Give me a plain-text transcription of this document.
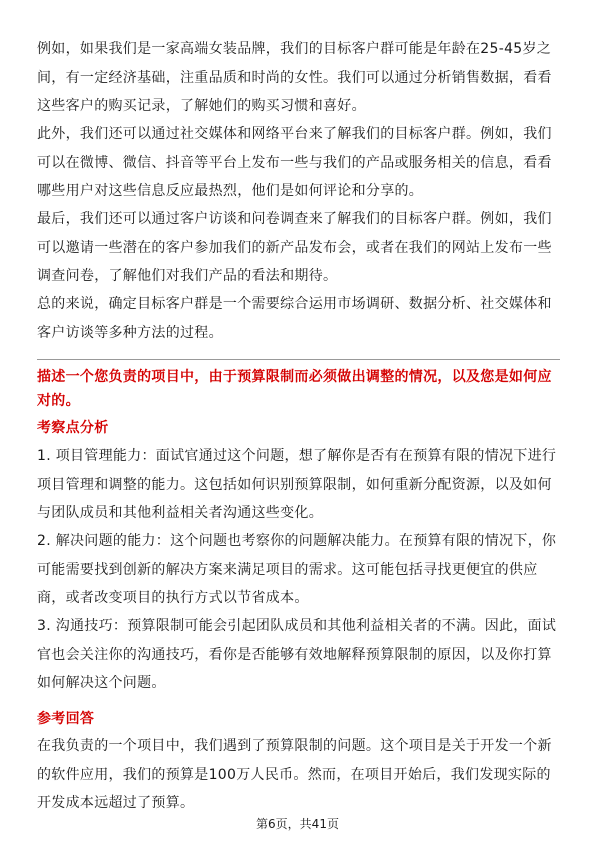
例如，如果我们是一家高端女装品牌，我们的目标客户群可能是年龄在25-45岁之间，有一定经济基础，注重品质和时尚的女性。我们可以通过分析销售数据，看看这些客户的购买记录，了解她们的购买习惯和喜好。

此外，我们还可以通过社交媒体和网络平台来了解我们的目标客户群。例如，我们可以在微博、微信、抖音等平台上发布一些与我们的产品或服务相关的信息，看看哪些用户对这些信息反应最热烈，他们是如何评论和分享的。

最后，我们还可以通过客户访谈和问卷调查来了解我们的目标客户群。例如，我们可以邀请一些潜在的客户参加我们的新产品发布会，或者在我们的网站上发布一些调查问卷，了解他们对我们产品的看法和期待。

总的来说，确定目标客户群是一个需要综合运用市场调研、数据分析、社交媒体和客户访谈等多种方法的过程。

描述一个您负责的项目中，由于预算限制而必须做出调整的情况，以及您是如何应对的。

考察点分析

1. 项目管理能力：面试官通过这个问题，想了解你是否有在预算有限的情况下进行项目管理和调整的能力。这包括如何识别预算限制，如何重新分配资源，以及如何与团队成员和其他利益相关者沟通这些变化。

2. 解决问题的能力：这个问题也考察你的问题解决能力。在预算有限的情况下，你可能需要找到创新的解决方案来满足项目的需求。这可能包括寻找更便宜的供应商，或者改变项目的执行方式以节省成本。

3. 沟通技巧：预算限制可能会引起团队成员和其他利益相关者的不满。因此，面试官也会关注你的沟通技巧，看你是否能够有效地解释预算限制的原因，以及你打算如何解决这个问题。

参考回答

在我负责的一个项目中，我们遇到了预算限制的问题。这个项目是关于开发一个新的软件应用，我们的预算是100万人民币。然而，在项目开始后，我们发现实际的开发成本远超过了预算。

第6页，共41页
